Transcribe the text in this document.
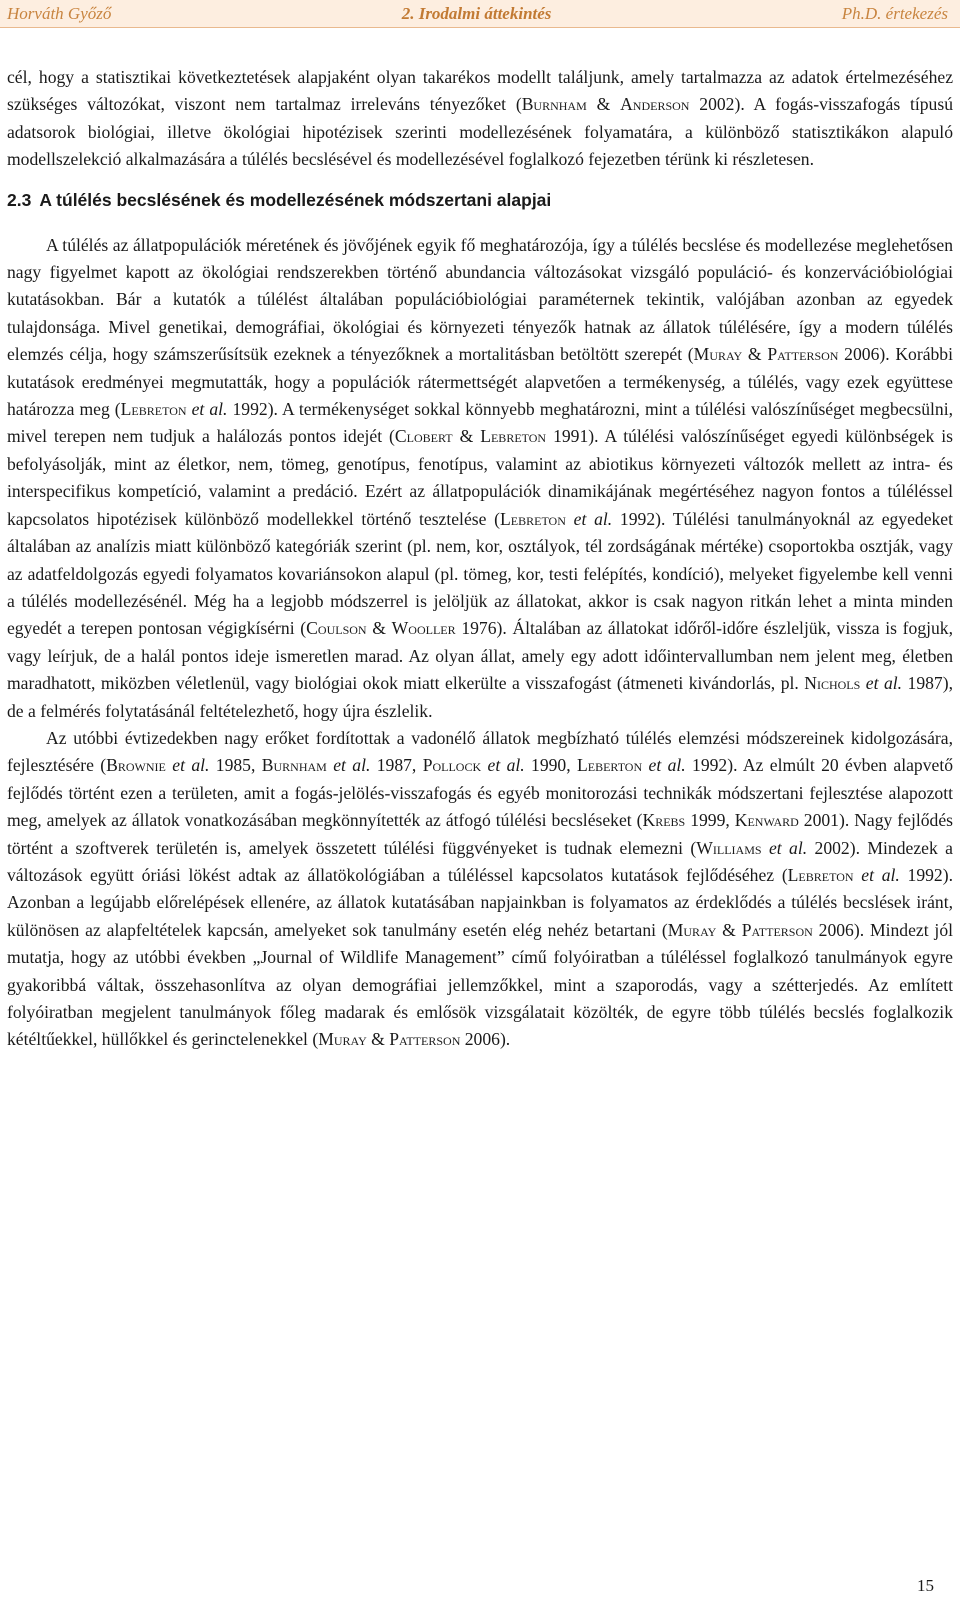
Horváth Győző	2. Irodalmi áttekintés	Ph.D. értekezés

cél, hogy a statisztikai következtetések alapjaként olyan takarékos modellt találjunk, amely tartalmazza az adatok értelmezéséhez szükséges változókat, viszont nem tartalmaz irreleváns tényezőket (Burnham & Anderson 2002). A fogás-visszafogás típusú adatsorok biológiai, illetve ökológiai hipotézisek szerinti modellezésének folyamatára, a különböző statisztikákon alapuló modellszelekció alkalmazására a túlélés becslésével és modellezésével foglalkozó fejezetben térünk ki részletesen.

2.3 A túlélés becslésének és modellezésének módszertani alapjai

A túlélés az állatpopulációk méretének és jövőjének egyik fő meghatározója, így a túlélés becslése és modellezése meglehetősen nagy figyelmet kapott az ökológiai rendszerekben történő abundancia változásokat vizsgáló populáció- és konzervációbiológiai kutatásokban. Bár a kutatók a túlélést általában populációbiológiai paraméternek tekintik, valójában azonban az egyedek tulajdonsága. Mivel genetikai, demográfiai, ökológiai és környezeti tényezők hatnak az állatok túlélésére, így a modern túlélés elemzés célja, hogy számszerűsítsük ezeknek a tényezőknek a mortalitásban betöltött szerepét (Muray & Patterson 2006). Korábbi kutatások eredményei megmutatták, hogy a populációk rátermettségét alapvetően a termékenység, a túlélés, vagy ezek együttese határozza meg (Lebreton et al. 1992). A termékenységet sokkal könnyebb meghatározni, mint a túlélési valószínűséget megbecsülni, mivel terepen nem tudjuk a halálozás pontos idejét (Clobert & Lebreton 1991). A túlélési valószínűséget egyedi különbségek is befolyásolják, mint az életkor, nem, tömeg, genotípus, fenotípus, valamint az abiotikus környezeti változók mellett az intra- és interspecifikus kompetíció, valamint a predáció. Ezért az állatpopulációk dinamikájának megértéséhez nagyon fontos a túléléssel kapcsolatos hipotézisek különböző modellekkel történő tesztelése (Lebreton et al. 1992). Túlélési tanulmányoknál az egyedeket általában az analízis miatt különböző kategóriák szerint (pl. nem, kor, osztályok, tél zordságának mértéke) csoportokba osztják, vagy az adatfeldolgozás egyedi folyamatos kovariánsokon alapul (pl. tömeg, kor, testi felépítés, kondíció), melyeket figyelembe kell venni a túlélés modellezésénél. Még ha a legjobb módszerrel is jelöljük az állatokat, akkor is csak nagyon ritkán lehet a minta minden egyedét a terepen pontosan végigkísérni (Coulson & Wooller 1976). Általában az állatokat időről-időre észleljük, vissza is fogjuk, vagy leírjuk, de a halál pontos ideje ismeretlen marad. Az olyan állat, amely egy adott időintervallumban nem jelent meg, életben maradhatott, miközben véletlenül, vagy biológiai okok miatt elkerülte a visszafogást (átmeneti kivándorlás, pl. Nichols et al. 1987), de a felmérés folytatásánál feltételezhető, hogy újra észlelik.

Az utóbbi évtizedekben nagy erőket fordítottak a vadonélő állatok megbízható túlélés elemzési módszereinek kidolgozására, fejlesztésére (Brownie et al. 1985, Burnham et al. 1987, Pollock et al. 1990, Leberton et al. 1992). Az elmúlt 20 évben alapvető fejlődés történt ezen a területen, amit a fogás-jelölés-visszafogás és egyéb monitorozási technikák módszertani fejlesztése alapozott meg, amelyek az állatok vonatkozásában megkönnyítették az átfogó túlélési becsléseket (Krebs 1999, Kenward 2001). Nagy fejlődés történt a szoftverek területén is, amelyek összetett túlélési függvényeket is tudnak elemezni (Williams et al. 2002). Mindezek a változások együtt óriási lökést adtak az állatökológiában a túléléssel kapcsolatos kutatások fejlődéséhez (Lebreton et al. 1992). Azonban a legújabb előrelépések ellenére, az állatok kutatásában napjainkban is folyamatos az érdeklődés a túlélés becslések iránt, különösen az alapfeltételek kapcsán, amelyeket sok tanulmány esetén elég nehéz betartani (Muray & Patterson 2006). Mindezt jól mutatja, hogy az utóbbi években „Journal of Wildlife Management” című folyóiratban a túléléssel foglalkozó tanulmányok egyre gyakoribbá váltak, összehasonlítva az olyan demográfiai jellemzőkkel, mint a szaporodás, vagy a szétterjedés. Az említett folyóiratban megjelent tanulmányok főleg madarak és emlősök vizsgálatait közölték, de egyre több túlélés becslés foglalkozik kétéltűekkel, hüllőkkel és gerinctelenekkel (Muray & Patterson 2006).

15
